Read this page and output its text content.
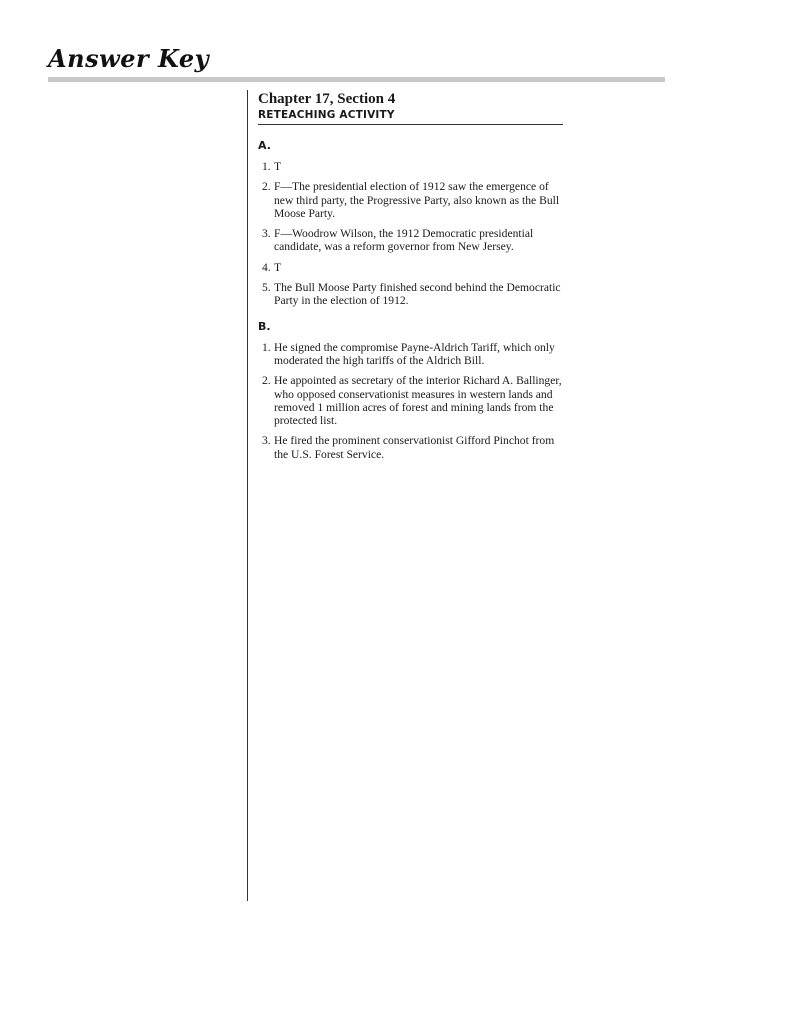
Answer Key
Chapter 17, Section 4
RETEACHING ACTIVITY
A.
1. T
2. F—The presidential election of 1912 saw the emergence of new third party, the Progressive Party, also known as the Bull Moose Party.
3. F—Woodrow Wilson, the 1912 Democratic presidential candidate, was a reform governor from New Jersey.
4. T
5. The Bull Moose Party finished second behind the Democratic Party in the election of 1912.
B.
1. He signed the compromise Payne-Aldrich Tariff, which only moderated the high tariffs of the Aldrich Bill.
2. He appointed as secretary of the interior Richard A. Ballinger, who opposed conservationist measures in western lands and removed 1 million acres of forest and mining lands from the protected list.
3. He fired the prominent conservationist Gifford Pinchot from the U.S. Forest Service.
